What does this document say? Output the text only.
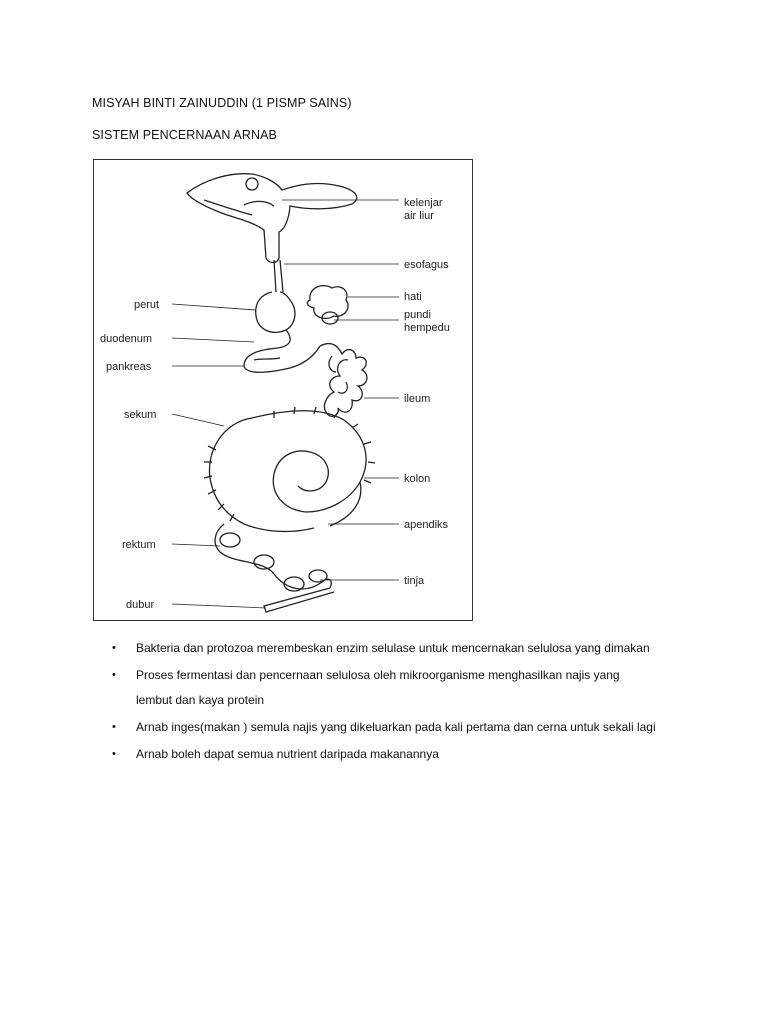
MISYAH BINTI ZAINUDDIN (1 PISMP SAINS)
SISTEM PENCERNAAN ARNAB
kelenjar
air liur
esofagus
hati
pundi
hempedu
ileum
kolon
apendiks
tinja
perut
duodenum
pankreas
sekum
rektum
dubur
• Bakteria dan protozoa merembeskan enzim selulase untuk mencernakan selulosa yang dimakan
• Proses fermentasi dan pencernaan selulosa oleh mikroorganisme menghasilkan najis yang
lembut dan kaya protein
• Arnab inges(makan ) semula najis yang dikeluarkan pada kali pertama dan cerna untuk sekali lagi
• Arnab boleh dapat semua nutrient daripada makanannya
